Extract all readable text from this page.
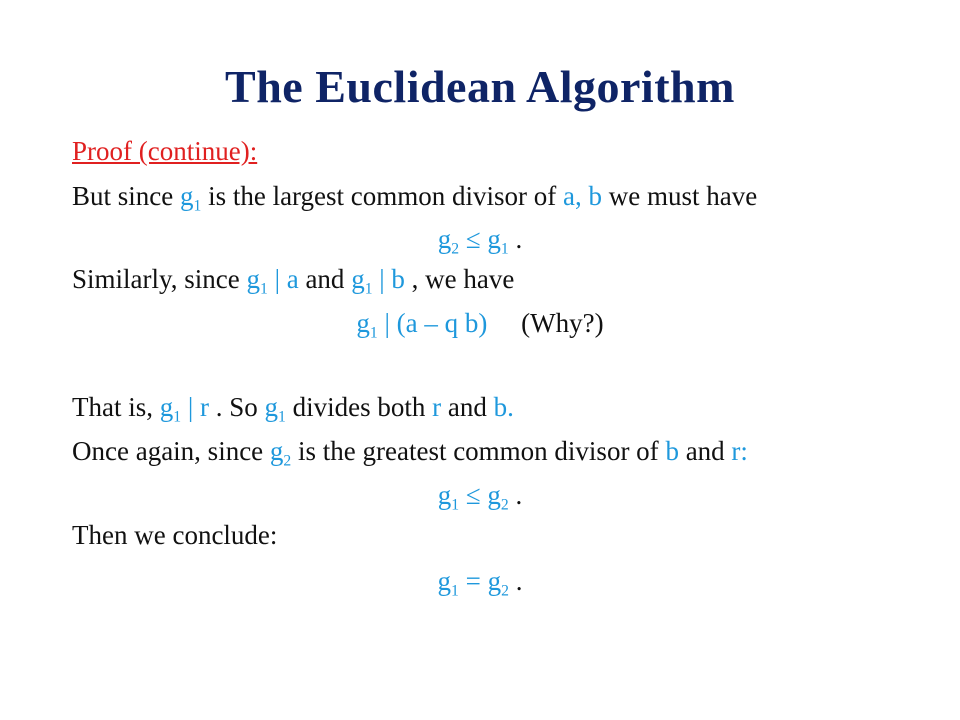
The Euclidean Algorithm
Proof (continue):
But since $g_1$ is the largest common divisor of a, b we must have
$g_2 \le g_1$ .
Similarly, since $g_1$ | a and $g_1$ | b , we have
$g_1$ | (a – q b)     (Why?)
That is, $g_1$ | r . So $g_1$ divides both r and b.
Once again, since $g_2$ is the greatest common divisor of b and r:
$g_1 \le g_2$ .
Then we conclude:
$g_1 = g_2$ .
